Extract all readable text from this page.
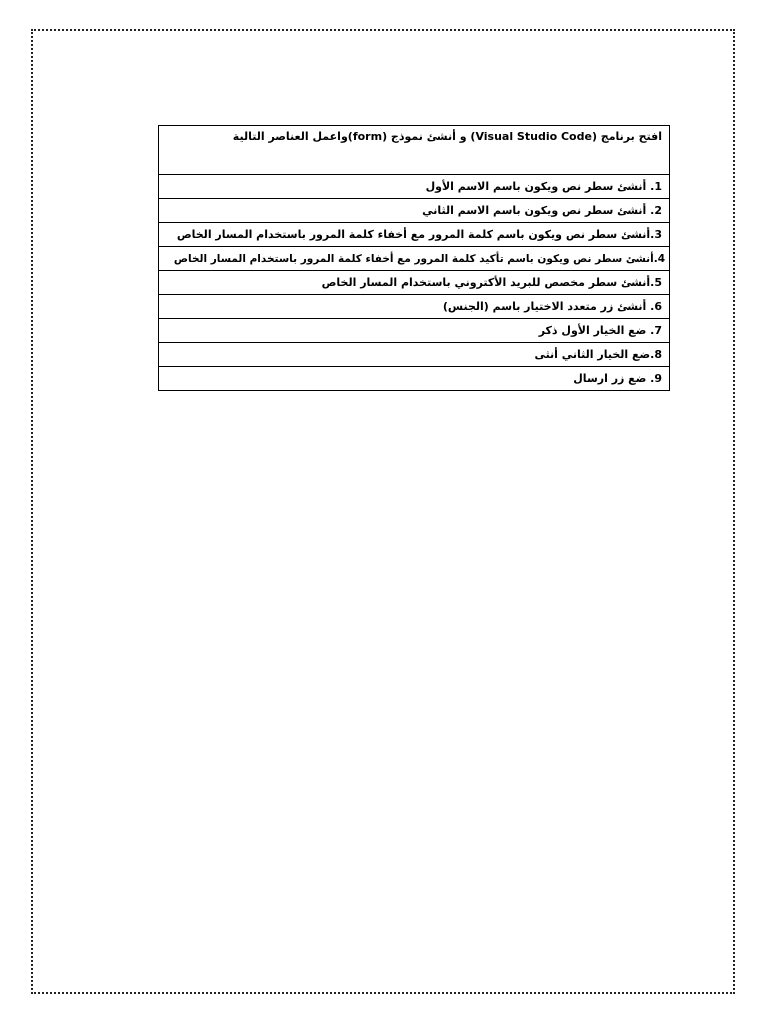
افتح برنامج (Visual Studio Code) و أنشئ نموذج (form)واعمل العناصر التالية
1. أنشئ سطر نص ويكون باسم الاسم الأول
2. أنشئ سطر نص ويكون باسم الاسم الثاني
3.أنشئ سطر نص ويكون باسم كلمة المرور مع أخفاء كلمة المرور باستخدام المسار الخاص
4.أنشئ سطر نص ويكون باسم تأكيد كلمة المرور مع أخفاء كلمة المرور باستخدام المسار الخاص
5.أنشئ سطر مخصص للبريد الأكتروني باستخدام المسار الخاص
6. أنشئ زر متعدد الاختيار باسم (الجنس)
7. ضع الخيار الأول ذكر
8.ضع الخيار الثاني أنثى
9. ضع زر ارسال
